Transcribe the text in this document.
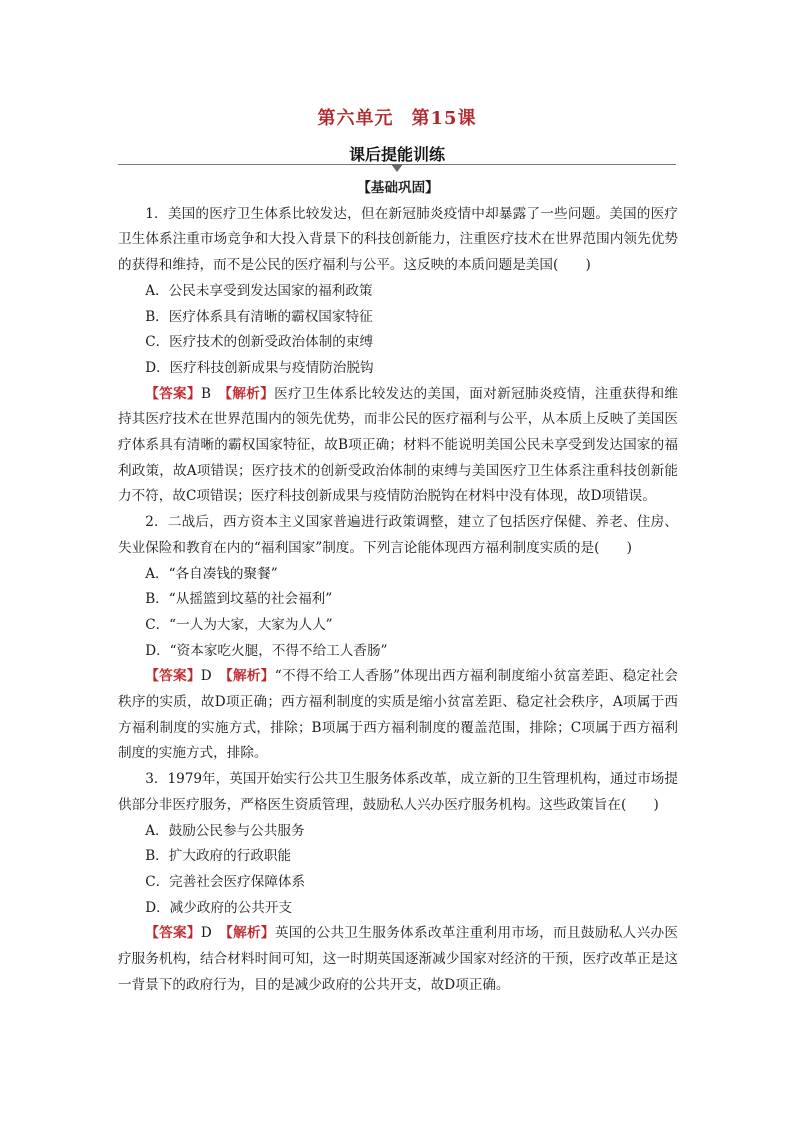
第六单元 第15课
课后提能训练
【基础巩固】

1．美国的医疗卫生体系比较发达，但在新冠肺炎疫情中却暴露了一些问题。美国的医疗卫生体系注重市场竞争和大投入背景下的科技创新能力，注重医疗技术在世界范围内领先优势的获得和维持，而不是公民的医疗福利与公平。这反映的本质问题是美国(　　)

A．公民未享受到发达国家的福利政策

B．医疗体系具有清晰的霸权国家特征

C．医疗技术的创新受政治体制的束缚

D．医疗科技创新成果与疫情防治脱钩

【答案】B　 【解析】医疗卫生体系比较发达的美国，面对新冠肺炎疫情，注重获得和维持其医疗技术在世界范围内的领先优势，而非公民的医疗福利与公平，从本质上反映了美国医疗体系具有清晰的霸权国家特征，故B项正确；材料不能说明美国公民未享受到发达国家的福利政策，故A项错误；医疗技术的创新受政治体制的束缚与美国医疗卫生体系注重科技创新能力不符，故C项错误；医疗科技创新成果与疫情防治脱钩在材料中没有体现，故D项错误。

2．二战后，西方资本主义国家普遍进行政策调整，建立了包括医疗保健、养老、住房、失业保险和教育在内的“福利国家”制度。下列言论能体现西方福利制度实质的是(　　)

A．“各自凑钱的聚餐”

B．“从摇篮到坟墓的社会福利”

C．“一人为大家，大家为人人”

D．“资本家吃火腿，不得不给工人香肠”

【答案】D　 【解析】“不得不给工人香肠”体现出西方福利制度缩小贫富差距、稳定社会秩序的实质，故D项正确；西方福利制度的实质是缩小贫富差距、稳定社会秩序，A项属于西方福利制度的实施方式，排除；B项属于西方福利制度的覆盖范围，排除；C项属于西方福利制度的实施方式，排除。

3．1979年，英国开始实行公共卫生服务体系改革，成立新的卫生管理机构，通过市场提供部分非医疗服务，严格医生资质管理，鼓励私人兴办医疗服务机构。这些政策旨在(　　)

A．鼓励公民参与公共服务

B．扩大政府的行政职能

C．完善社会医疗保障体系

D．减少政府的公共开支

【答案】D　 【解析】英国的公共卫生服务体系改革注重利用市场，而且鼓励私人兴办医疗服务机构，结合材料时间可知，这一时期英国逐渐减少国家对经济的干预，医疗改革正是这一背景下的政府行为，目的是减少政府的公共开支，故D项正确。
